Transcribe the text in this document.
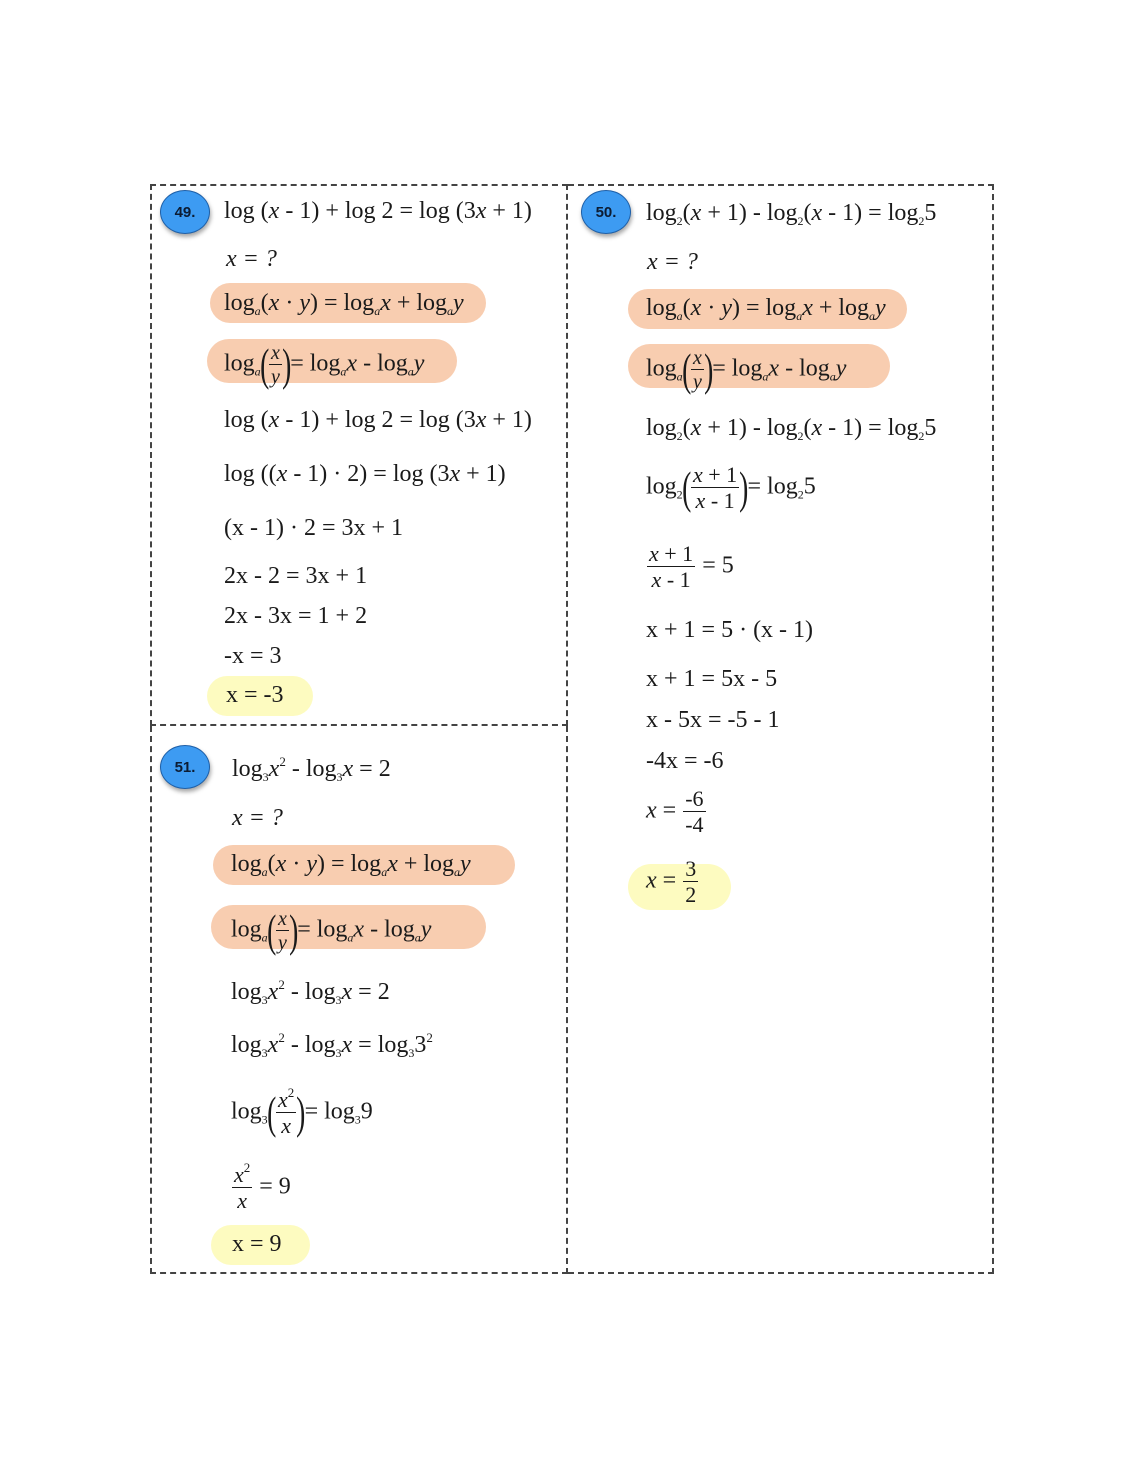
49.	log (x - 1) + log 2 = log (3x + 1)
x = ?
$\log_a(x \cdot y) = \log_ax + \log_ay$
$\log_a( \frac{x}{y}$ )= $\log_ax - \log_ay$
log (x - 1) + log 2 = log (3x + 1)
log ((x - 1) · 2) = log (3x + 1)
(x - 1) · 2 = 3x + 1
2x - 2 = 3x + 1
2x - 3x = 1 + 2
-x = 3
x = -3
50.	$\log_2(x + 1) - \log_2(x - 1) = \log_25$
x = ?
$\log_a(x \cdot y) = \log_ax + \log_ay$
$\log_a( \frac{x}{y}$ )= $\log_ax - \log_ay$
$\log_2(x + 1) - \log_2(x - 1) = \log_25$
$\log_2( \frac{x + 1}{x - 1}$ )= $\log_25$
$\frac{x + 1}{x - 1} = 5$
x + 1 = 5 · (x - 1)
x + 1 = 5x - 5
x - 5x = -5 - 1
-4x = -6
$x = \frac{-6}{-4}$
$x = \frac{3}{2}$
51.	$\log_3x^2 - \log_3x = 2$
x = ?
$\log_a(x \cdot y) = \log_ax + \log_ay$
$\log_a( \frac{x}{y}$ )= $\log_ax - \log_ay$
$\log_3x^2 - \log_3x = 2$
$\log_3x^2 - \log_3x = \log_33^2$
$\log_3( \frac{x^2}{x}$ )= $\log_39$
$\frac{x^2}{x} = 9$
x = 9
